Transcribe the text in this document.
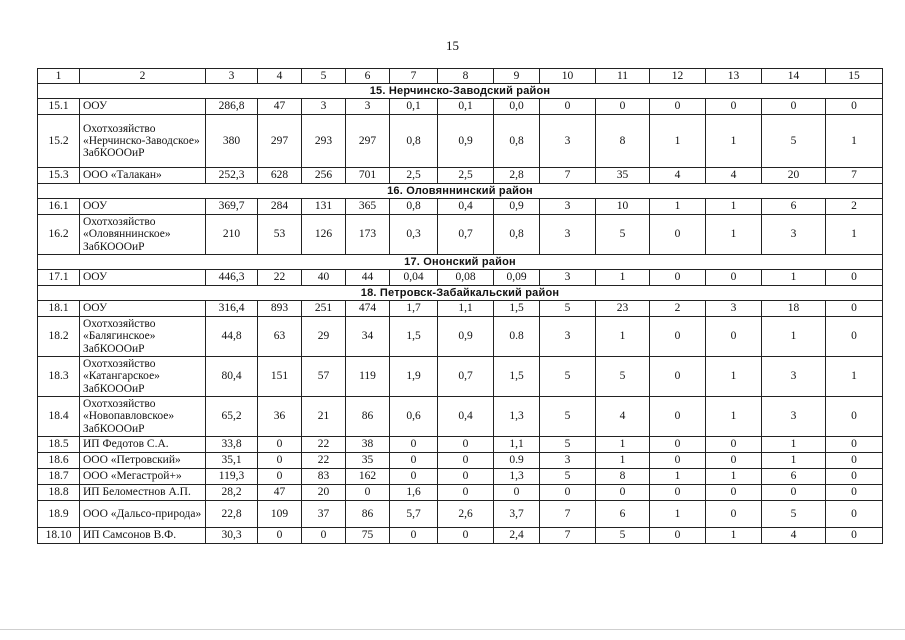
15
1	2	3	4	5	6	7	8	9	10	11	12	13	14	15
15. Нерчинско-Заводский район														
15.1	ООУ	286,8	47	3	3	0,1	0,1	0,0	0	0	0	0	0	0
15.2	Охотхозяйство «Нерчинско-Заводское» ЗабКОООиР	380	297	293	297	0,8	0,9	0,8	3	8	1	1	5	1
15.3	ООО «Талакан»	252,3	628	256	701	2,5	2,5	2,8	7	35	4	4	20	7
16. Оловяннинский район														
16.1	ООУ	369,7	284	131	365	0,8	0,4	0,9	3	10	1	1	6	2
16.2	Охотхозяйство «Оловяннинское» ЗабКОООиР	210	53	126	173	0,3	0,7	0,8	3	5	0	1	3	1
17. Ононский район														
17.1	ООУ	446,3	22	40	44	0,04	0,08	0,09	3	1	0	0	1	0
18. Петровск-Забайкальский район														
18.1	ООУ	316,4	893	251	474	1,7	1,1	1,5	5	23	2	3	18	0
18.2	Охотхозяйство «Балягинское» ЗабКОООиР	44,8	63	29	34	1,5	0,9	0.8	3	1	0	0	1	0
18.3	Охотхозяйство «Катангарское» ЗабКОООиР	80,4	151	57	119	1,9	0,7	1,5	5	5	0	1	3	1
18.4	Охотхозяйство «Новопавловское» ЗабКОООиР	65,2	36	21	86	0,6	0,4	1,3	5	4	0	1	3	0
18.5	ИП Федотов С.А.	33,8	0	22	38	0	0	1,1	5	1	0	0	1	0
18.6	ООО «Петровский»	35,1	0	22	35	0	0	0.9	3	1	0	0	1	0
18.7	ООО «Мегастрой+»	119,3	0	83	162	0	0	1,3	5	8	1	1	6	0
18.8	ИП Беломестнов А.П.	28,2	47	20	0	1,6	0	0	0	0	0	0	0	0
18.9	ООО «Дальсо-природа»	22,8	109	37	86	5,7	2,6	3,7	7	6	1	0	5	0
18.10	ИП Самсонов В.Ф.	30,3	0	0	75	0	0	2,4	7	5	0	1	4	0
